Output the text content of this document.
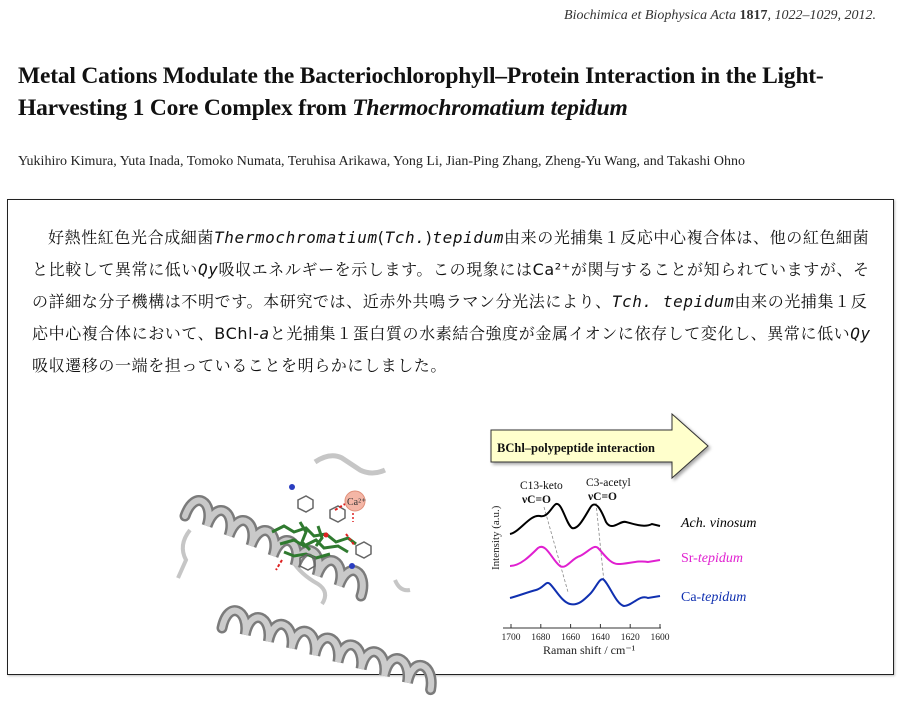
Biochimica et Biophysica Acta 1817, 1022–1029, 2012.
Metal Cations Modulate the Bacteriochlorophyll–Protein Interaction in the Light-Harvesting 1 Core Complex from Thermochromatium tepidum
Yukihiro Kimura, Yuta Inada, Tomoko Numata, Teruhisa Arikawa, Yong Li, Jian-Ping Zhang, Zheng-Yu Wang, and Takashi Ohno
好熱性紅色光合成細菌Thermochromatium(Tch.)tepidum由来の光捕集１反応中心複合体は、他の紅色細菌と比較して異常に低いQy吸収エネルギーを示します。この現象にはCa²⁺が関与することが知られていますが、その詳細な分子機構は不明です。本研究では、近赤外共鳴ラマン分光法により、Tch. tepidum由来の光捕集１反応中心複合体において、BChl-aと光捕集１蛋白質の水素結合強度が金属イオンに依存して変化し、異常に低いQy吸収遷移の一端を担っていることを明らかにしました。
Ca²⁺
BChl–polypeptide interaction
1700 1680 1660 1640 1620 1600
Intensity (a.u.)
Raman shift / cm⁻¹
C13-keto
νC=O
C3-acetyl
νC=O
Ach. vinosum
Sr-tepidum
Ca-tepidum
